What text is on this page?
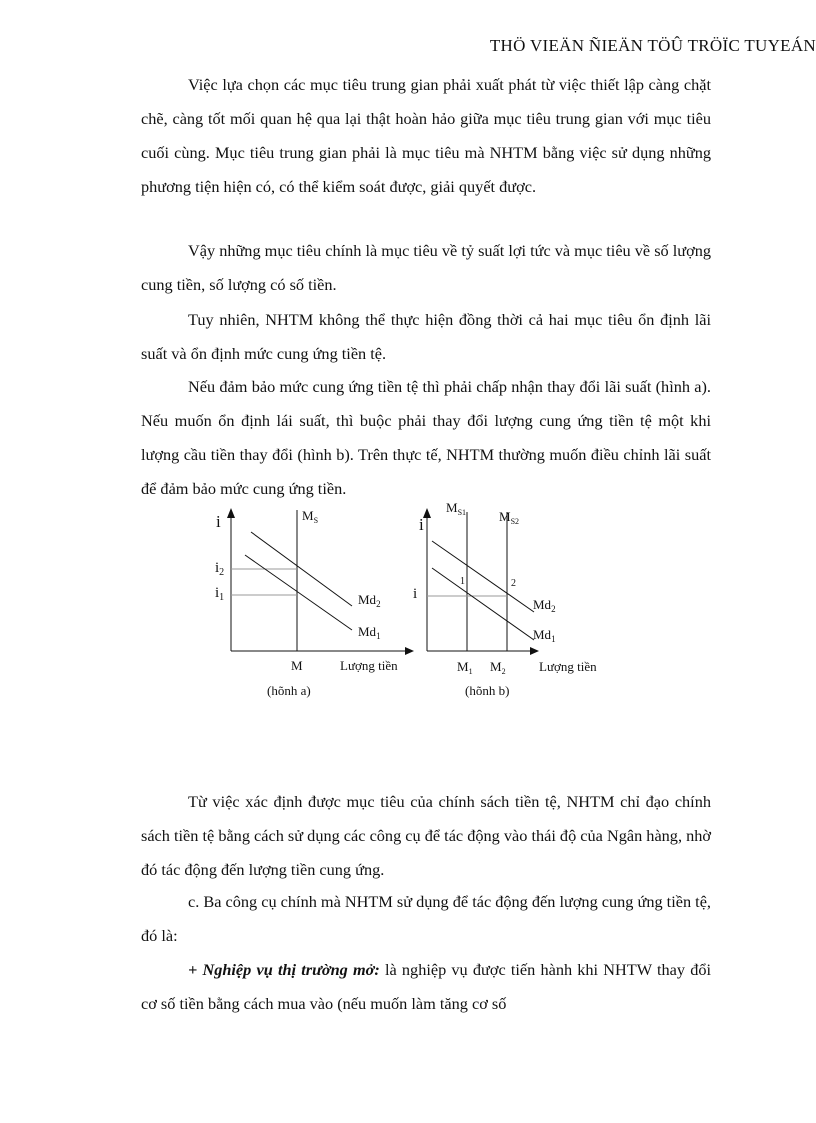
THÖ VIEÄN ÑIEÄN TÖÛ TRÖÏC TUYEÁN
Việc lựa chọn các mục tiêu trung gian phải xuất phát từ việc thiết lập càng chặt chẽ, càng tốt mối quan hệ qua lại thật hoàn hảo giữa mục tiêu trung gian với mục tiêu cuối cùng. Mục tiêu trung gian phải là mục tiêu mà NHTM bằng việc sử dụng những phương tiện hiện có, có thể kiểm soát được, giải quyết được.
Vậy những mục tiêu chính là mục tiêu về tỷ suất lợi tức và mục tiêu về số lượng cung tiền, số lượng có số tiền.
Tuy nhiên, NHTM không thể thực hiện đồng thời cả hai mục tiêu ổn định lãi suất và ổn định mức cung ứng tiền tệ.
Nếu đảm bảo mức cung ứng tiền tệ thì phải chấp nhận thay đổi lãi suất (hình a). Nếu muốn ổn định lái suất, thì buộc phải thay đổi lượng cung ứng tiền tệ một khi lượng cầu tiền thay đổi (hình b). Trên thực tế, NHTM thường muốn điều chỉnh lãi suất để đảm bảo mức cung ứng tiền.
i	$M_S$
$i_2$
$i_1$	$Md_2$
$Md_1$
M	Lượng tiền
(hõnh a)
i
$M_{S1}$	$M_{S2}$
i
1	2
$Md_2$
$Md_1$
$M_1$ $M_2$	Lượng tiền
(hõnh b)
Từ việc xác định được mục tiêu của chính sách tiền tệ, NHTM chỉ đạo chính sách tiền tệ bằng cách sử dụng các công cụ để tác động vào thái độ của Ngân hàng, nhờ đó tác động đến lượng tiền cung ứng.
c. Ba công cụ chính mà NHTM sử dụng để tác động đến lượng cung ứng tiền tệ, đó là:
+ Nghiệp vụ thị trường mở: là nghiệp vụ được tiến hành khi NHTW thay đổi cơ số tiền bằng cách mua vào (nếu muốn làm tăng cơ số
